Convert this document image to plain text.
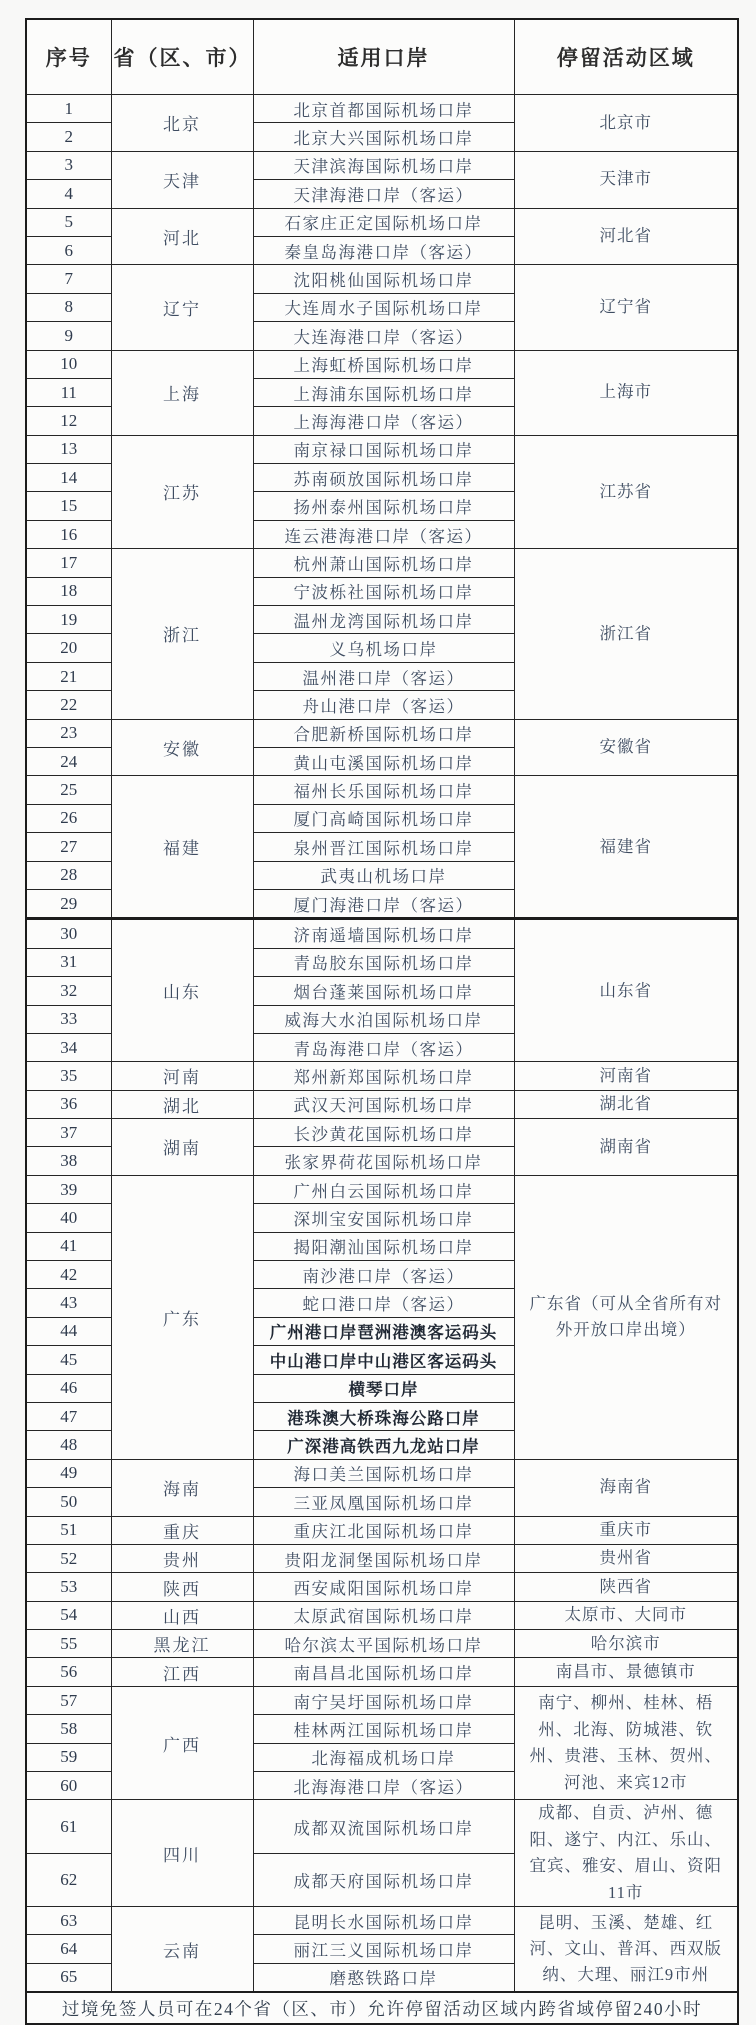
序号	省（区、市）	适用口岸	停留活动区域
1	北京	北京首都国际机场口岸	北京市
2		北京大兴国际机场口岸	
3	天津	天津滨海国际机场口岸	天津市
4		天津海港口岸（客运）	
5	河北	石家庄正定国际机场口岸	河北省
6		秦皇岛海港口岸（客运）	
7	辽宁	沈阳桃仙国际机场口岸	辽宁省
8		大连周水子国际机场口岸	
9		大连海港口岸（客运）	
10	上海	上海虹桥国际机场口岸	上海市
11		上海浦东国际机场口岸	
12		上海海港口岸（客运）	
13	江苏	南京禄口国际机场口岸	江苏省
14		苏南硕放国际机场口岸	
15		扬州泰州国际机场口岸	
16		连云港海港口岸（客运）	
17	浙江	杭州萧山国际机场口岸	浙江省
18		宁波栎社国际机场口岸	
19		温州龙湾国际机场口岸	
20		义乌机场口岸	
21		温州港口岸（客运）	
22		舟山港口岸（客运）	
23	安徽	合肥新桥国际机场口岸	安徽省
24		黄山屯溪国际机场口岸	
25	福建	福州长乐国际机场口岸	福建省
26		厦门高崎国际机场口岸	
27		泉州晋江国际机场口岸	
28		武夷山机场口岸	
29		厦门海港口岸（客运）	
30	山东	济南遥墙国际机场口岸	山东省
31		青岛胶东国际机场口岸	
32		烟台蓬莱国际机场口岸	
33		威海大水泊国际机场口岸	
34		青岛海港口岸（客运）	
35	河南	郑州新郑国际机场口岸	河南省
36	湖北	武汉天河国际机场口岸	湖北省
37	湖南	长沙黄花国际机场口岸	湖南省
38		张家界荷花国际机场口岸	
39	广东	广州白云国际机场口岸	广东省（可从全省所有对外开放口岸出境）
40		深圳宝安国际机场口岸	
41		揭阳潮汕国际机场口岸	
42		南沙港口岸（客运）	
43		蛇口港口岸（客运）	
44		广州港口岸琶洲港澳客运码头	
45		中山港口岸中山港区客运码头	
46		横琴口岸	
47		港珠澳大桥珠海公路口岸	
48		广深港高铁西九龙站口岸	
49	海南	海口美兰国际机场口岸	海南省
50		三亚凤凰国际机场口岸	
51	重庆	重庆江北国际机场口岸	重庆市
52	贵州	贵阳龙洞堡国际机场口岸	贵州省
53	陕西	西安咸阳国际机场口岸	陕西省
54	山西	太原武宿国际机场口岸	太原市、大同市
55	黑龙江	哈尔滨太平国际机场口岸	哈尔滨市
56	江西	南昌昌北国际机场口岸	南昌市、景德镇市
57	广西	南宁吴圩国际机场口岸	南宁、柳州、桂林、梧州、北海、防城港、钦州、贵港、玉林、贺州、河池、来宾12市
58		桂林两江国际机场口岸	
59		北海福成机场口岸	
60		北海海港口岸（客运）	
61	四川	成都双流国际机场口岸	成都、自贡、泸州、德阳、遂宁、内江、乐山、宜宾、雅安、眉山、资阳11市
62		成都天府国际机场口岸	
63	云南	昆明长水国际机场口岸	昆明、玉溪、楚雄、红河、文山、普洱、西双版纳、大理、丽江9市州
64		丽江三义国际机场口岸	
65		磨憨铁路口岸	
过境免签人员可在24个省（区、市）允许停留活动区域内跨省域停留240小时			
